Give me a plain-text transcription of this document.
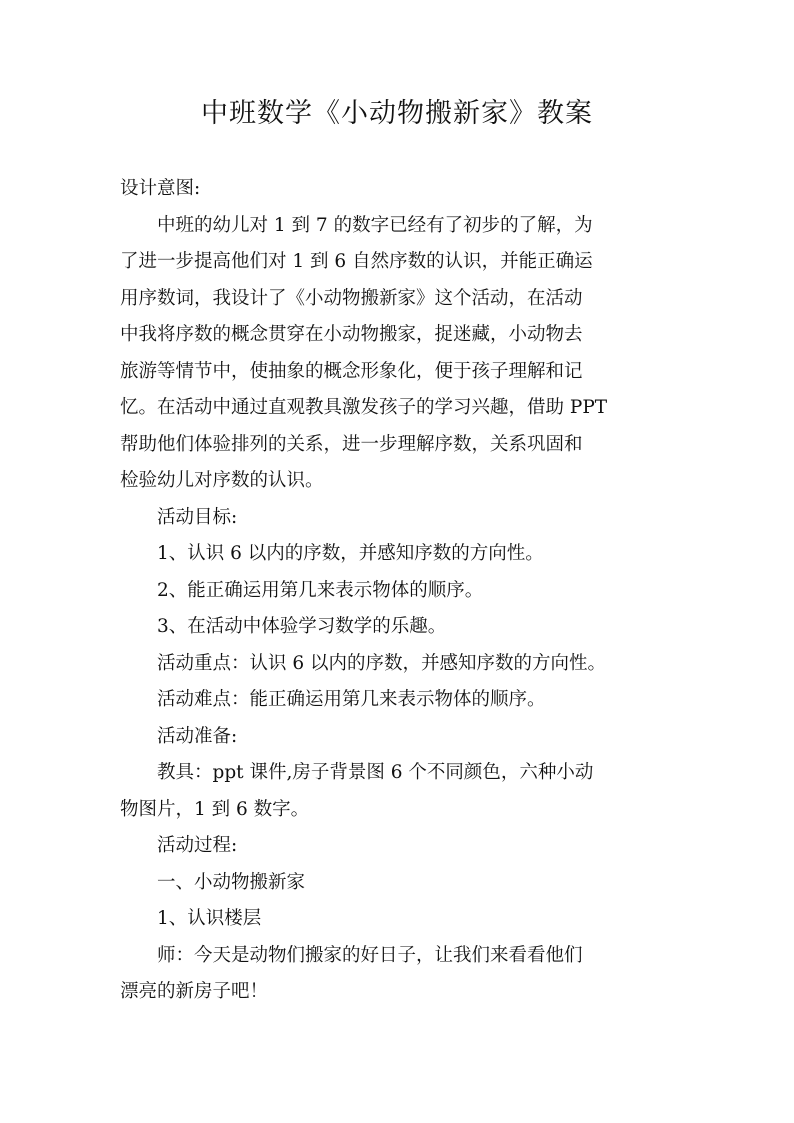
中班数学《小动物搬新家》教案
设计意图:
中班的幼儿对 1 到 7 的数字已经有了初步的了解，为
了进一步提高他们对 1 到 6 自然序数的认识，并能正确运
用序数词，我设计了《小动物搬新家》这个活动，在活动
中我将序数的概念贯穿在小动物搬家，捉迷藏，小动物去
旅游等情节中，使抽象的概念形象化，便于孩子理解和记
忆。在活动中通过直观教具激发孩子的学习兴趣，借助 PPT
帮助他们体验排列的关系，进一步理解序数，关系巩固和
检验幼儿对序数的认识。
活动目标:
1、认识 6 以内的序数，并感知序数的方向性。
2、能正确运用第几来表示物体的顺序。
3、在活动中体验学习数学的乐趣。
活动重点：认识 6 以内的序数，并感知序数的方向性。
活动难点：能正确运用第几来表示物体的顺序。
活动准备:
教具：ppt 课件,房子背景图 6 个不同颜色，六种小动
物图片，1 到 6 数字。
活动过程:
一、小动物搬新家
1、认识楼层
师：今天是动物们搬家的好日子，让我们来看看他们
漂亮的新房子吧！
